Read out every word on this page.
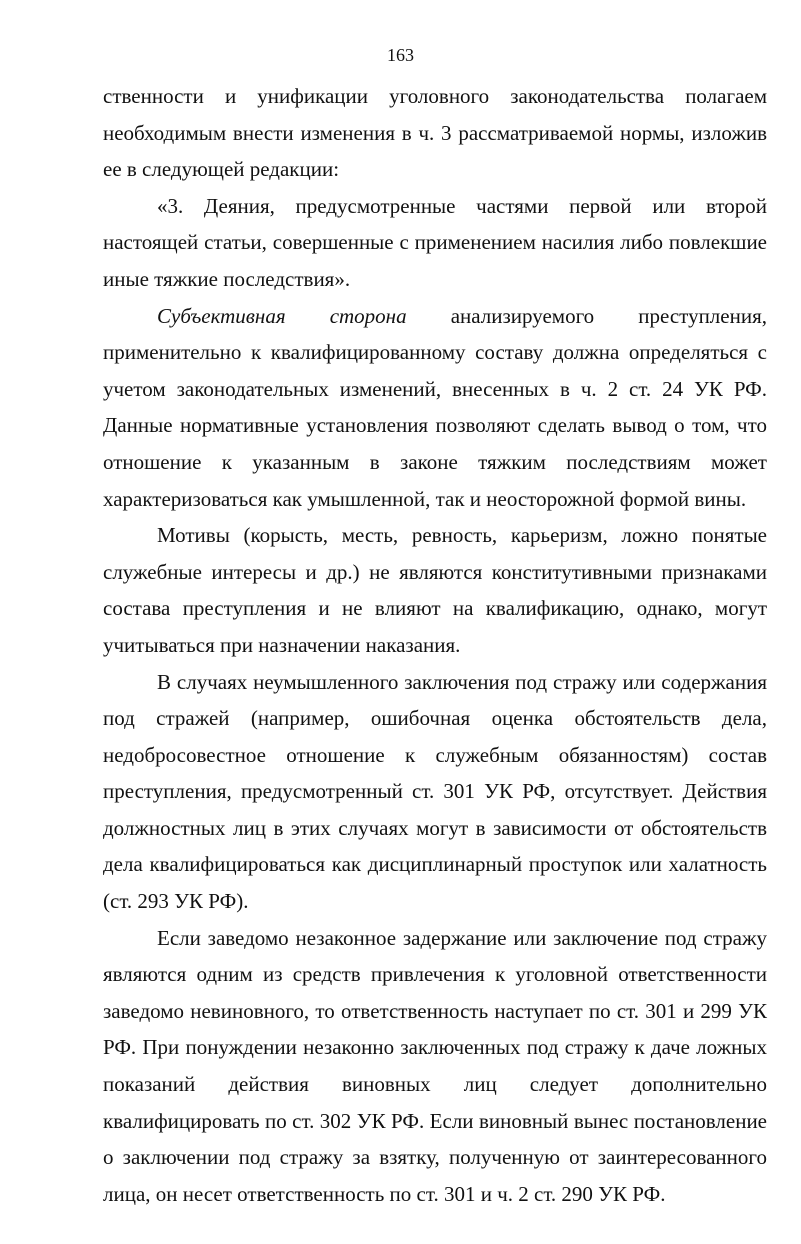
163

ственности и унификации уголовного законодательства полагаем необходимым внести изменения в ч. 3 рассматриваемой нормы, изложив ее в следующей редакции:

«3. Деяния, предусмотренные частями первой или второй настоящей статьи, совершенные с применением насилия либо повлекшие иные тяжкие последствия».

Субъективная сторона анализируемого преступления, применительно к квалифицированному составу должна определяться с учетом законодательных изменений, внесенных в ч. 2 ст. 24 УК РФ. Данные нормативные установления позволяют сделать вывод о том, что отношение к указанным в законе тяжким последствиям может характеризоваться как умышленной, так и неосторожной формой вины.

Мотивы (корысть, месть, ревность, карьеризм, ложно понятые служебные интересы и др.) не являются конститутивными признаками состава преступления и не влияют на квалификацию, однако, могут учитываться при назначении наказания.

В случаях неумышленного заключения под стражу или содержания под стражей (например, ошибочная оценка обстоятельств дела, недобросовестное отношение к служебным обязанностям) состав преступления, предусмотренный ст. 301 УК РФ, отсутствует. Действия должностных лиц в этих случаях могут в зависимости от обстоятельств дела квалифицироваться как дисциплинарный проступок или халатность (ст. 293 УК РФ).

Если заведомо незаконное задержание или заключение под стражу являются одним из средств привлечения к уголовной ответственности заведомо невиновного, то ответственность наступает по ст. 301 и 299 УК РФ. При понуждении незаконно заключенных под стражу к даче ложных показаний действия виновных лиц следует дополнительно квалифицировать по ст. 302 УК РФ. Если виновный вынес постановление о заключении под стражу за взятку, полученную от заинтересованного лица, он несет ответственность по ст. 301 и ч. 2 ст. 290 УК РФ.
